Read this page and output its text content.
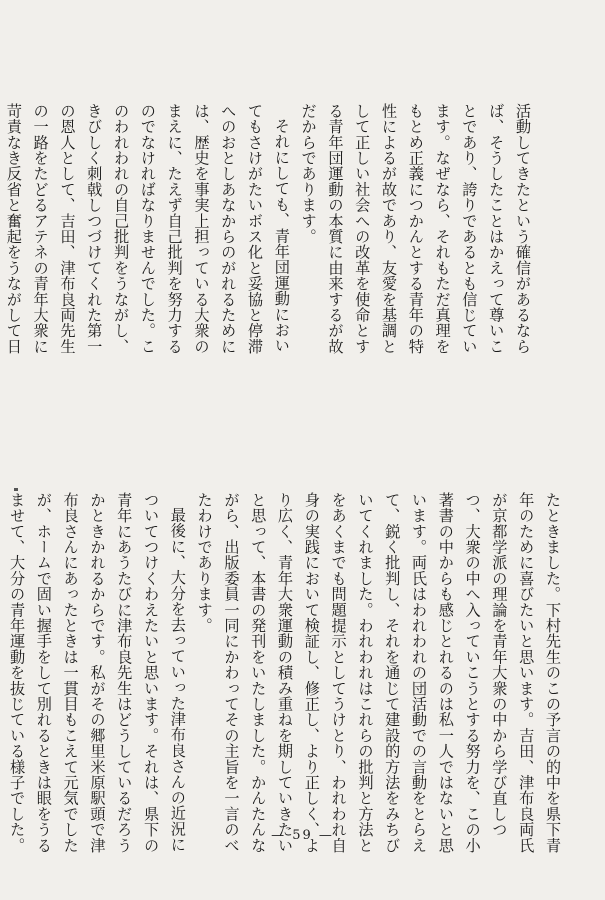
活動してきたという確信があるならば、そうしたことはかえって尊いことであり、誇りであるとも信じています。なぜなら、それもただ真理をもとめ正義につかんとする青年の特性によるが故であり、友愛を基調として正しい社会への改革を使命とする青年団運動の本質に由来するが故だからであります。

それにしても、青年団運動においてもさけがたいボス化と妥協と停滞へのおとしあなからのがれるためには、歴史を事実上担っている大衆のまえに、たえず自己批判を努力するのでなければなりませんでした。このわれわれの自己批判をうながし、きびしく刺戟しつづけてくれた第一の恩人として、吉田、津布良両先生の一路をたどるアテネの青年大衆に苛責なき反省と奮起をうながして日

たときました。下村先生のこの予言の的中を県下青年のために喜びたいと思います。吉田、津布良両氏が京都学派の理論を青年大衆の中から学び直しつつ、大衆の中へ入っていこうとする努力を、この小著書の中からも感じとれるのは私一人ではないと思います。両氏はわれわれの団活動での言動をとらえて、鋭く批判し、それを通じて建設的方法をみちびいてくれました。われわれはこれらの批判と方法とをあくまでも問題提示としてうけとり、われわれ自身の実践において検証し、修正し、より正しく、より広く、青年大衆運動の積み重ねを期していきたいと思って、本書の発刊をいたしました。かんたんながら、出版委員一同にかわってその主旨を一言のべたわけであります。

最後に、大分を去っていった津布良さんの近況についてつけくわえたいと思います。それは、県下の青年にあうたびに津布良先生はどうしているだろうかときかれるからです。私がその郷里米原駅頭で津布良さんにあったときは一貫目もこえて元気でしたが、ホームで固い握手をして別れるときは眼をうるませて、大分の青年運動を抜じている様子でした。

— 59 —
